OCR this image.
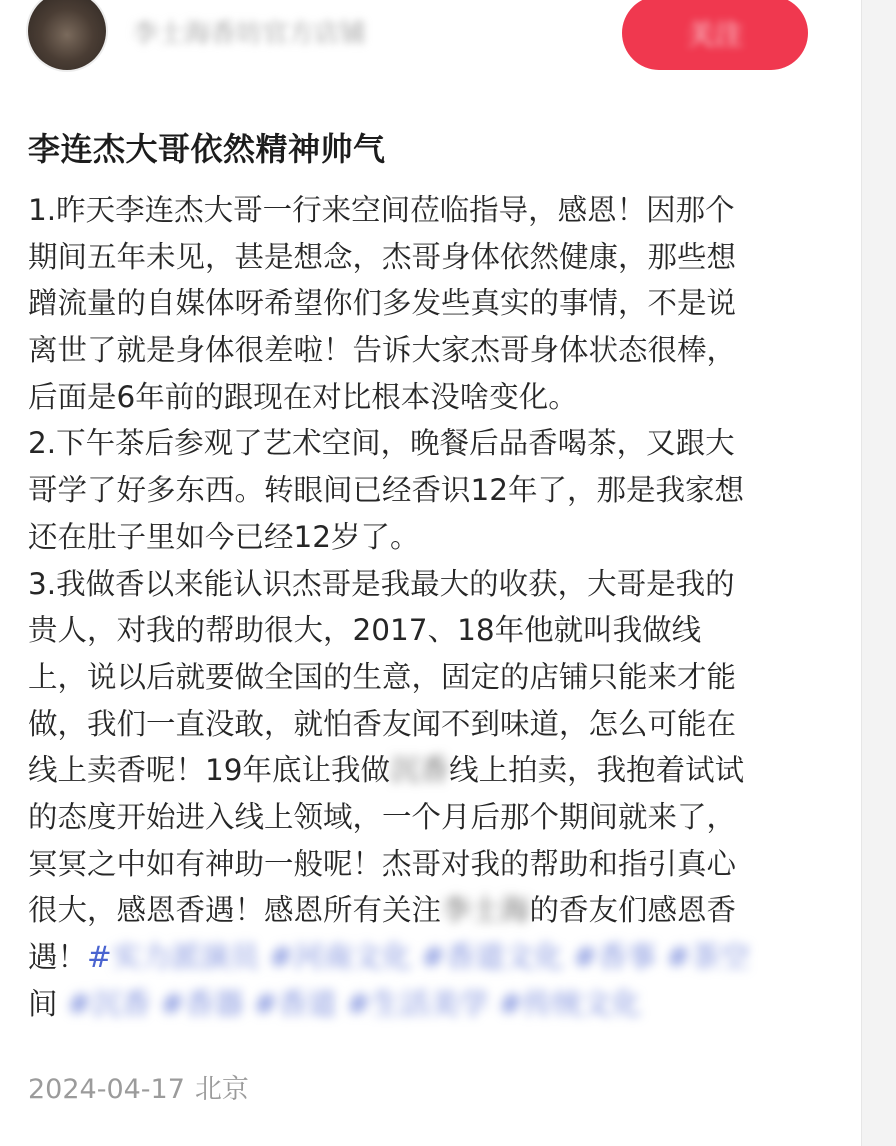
李士海香坊官方店铺	关注
李连杰大哥依然精神帅气
1.昨天李连杰大哥一行来空间莅临指导，感恩！因那个
期间五年未见，甚是想念，杰哥身体依然健康，那些想
蹭流量的自媒体呀希望你们多发些真实的事情，不是说
离世了就是身体很差啦！告诉大家杰哥身体状态很棒，
后面是6年前的跟现在对比根本没啥变化。
2.下午茶后参观了艺术空间，晚餐后品香喝茶，又跟大
哥学了好多东西。转眼间已经香识12年了，那是我家想
还在肚子里如今已经12岁了。
3.我做香以来能认识杰哥是我最大的收获，大哥是我的
贵人，对我的帮助很大，2017、18年他就叫我做线
上，说以后就要做全国的生意，固定的店铺只能来才能
做，我们一直没敢，就怕香友闻不到味道，怎么可能在
线上卖香呢！19年底让我做沉香线上拍卖，我抱着试试
的态度开始进入线上领域，一个月后那个期间就来了，
冥冥之中如有神助一般呢！杰哥对我的帮助和指引真心
很大，感恩香遇！感恩所有关注李士海的香友们感恩香
遇！#实力派演员 #河南文化 #香道文化 #香事 #茶空
间 #沉香 #香器 #香道 #生活美学 #传统文化
2024-04-17 北京
